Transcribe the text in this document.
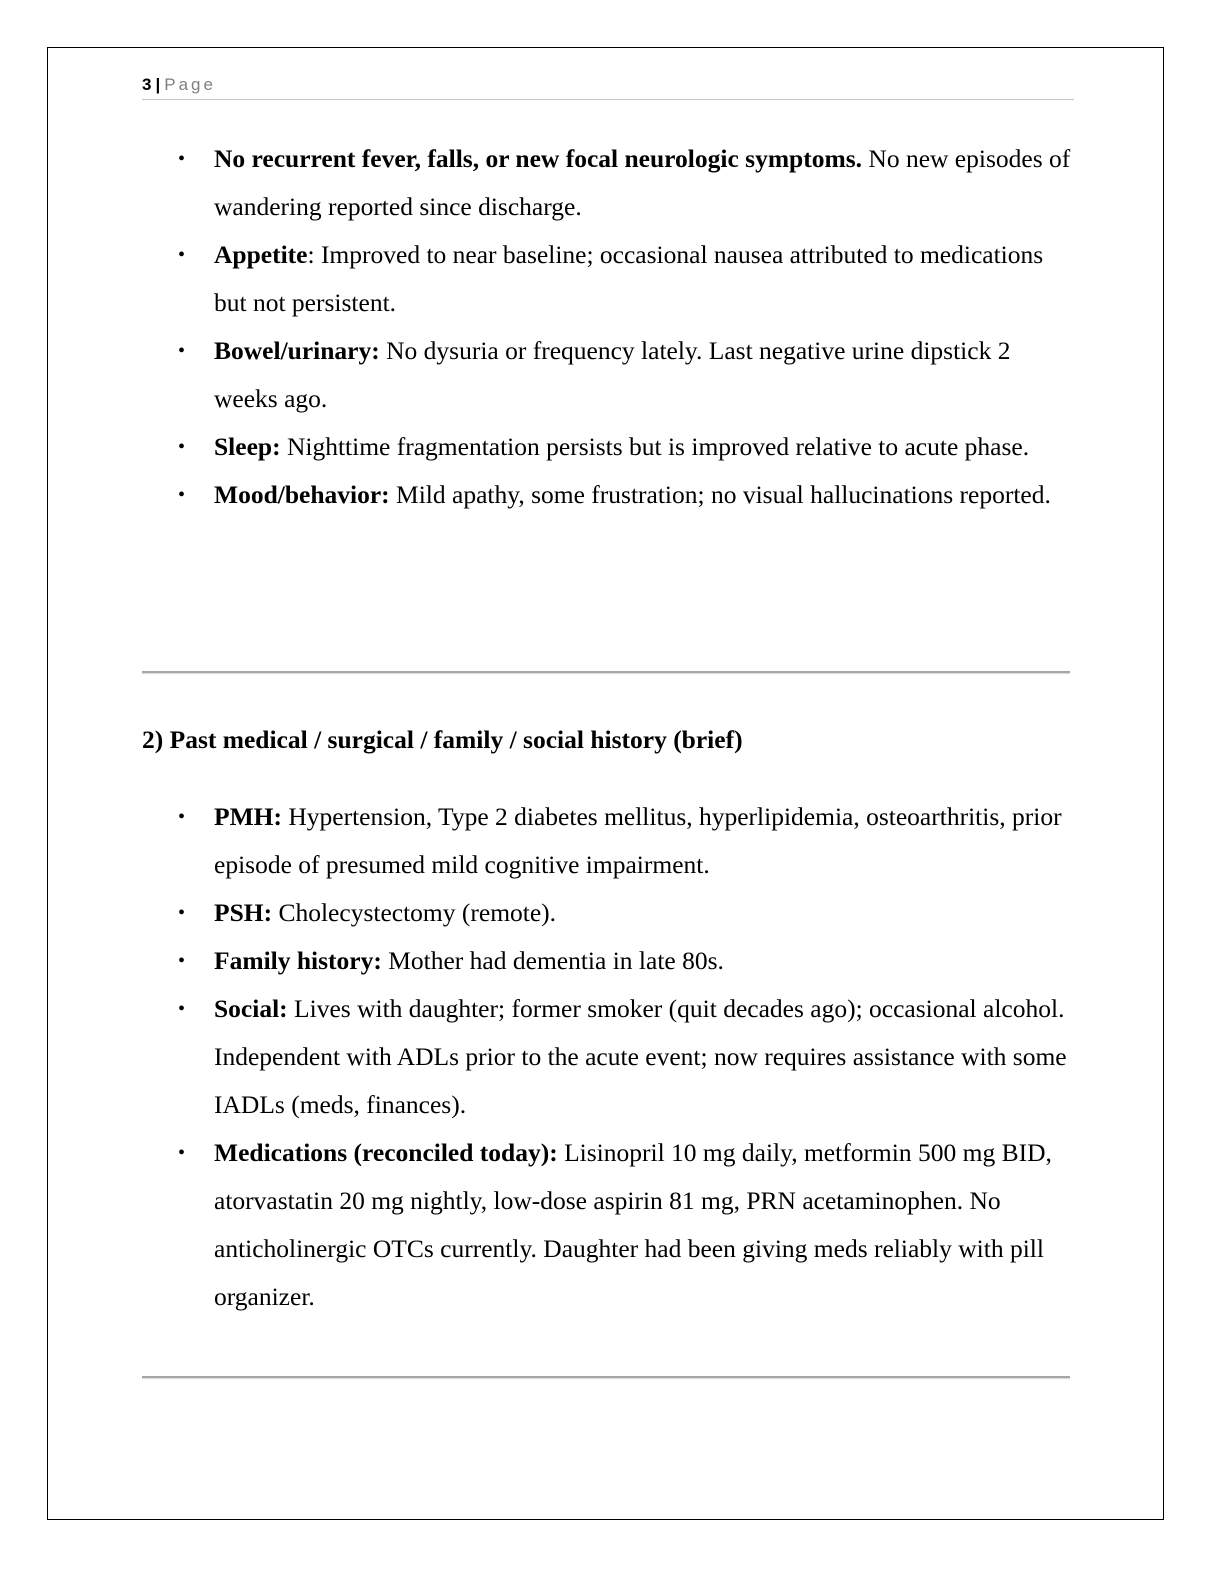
3 | Page
• No recurrent fever, falls, or new focal neurologic symptoms. No new episodes of wandering reported since discharge.
• Appetite: Improved to near baseline; occasional nausea attributed to medications but not persistent.
• Bowel/urinary: No dysuria or frequency lately. Last negative urine dipstick 2 weeks ago.
• Sleep: Nighttime fragmentation persists but is improved relative to acute phase.
• Mood/behavior: Mild apathy, some frustration; no visual hallucinations reported.
2) Past medical / surgical / family / social history (brief)
• PMH: Hypertension, Type 2 diabetes mellitus, hyperlipidemia, osteoarthritis, prior episode of presumed mild cognitive impairment.
• PSH: Cholecystectomy (remote).
• Family history: Mother had dementia in late 80s.
• Social: Lives with daughter; former smoker (quit decades ago); occasional alcohol. Independent with ADLs prior to the acute event; now requires assistance with some IADLs (meds, finances).
• Medications (reconciled today): Lisinopril 10 mg daily, metformin 500 mg BID, atorvastatin 20 mg nightly, low-dose aspirin 81 mg, PRN acetaminophen. No anticholinergic OTCs currently. Daughter had been giving meds reliably with pill organizer.
